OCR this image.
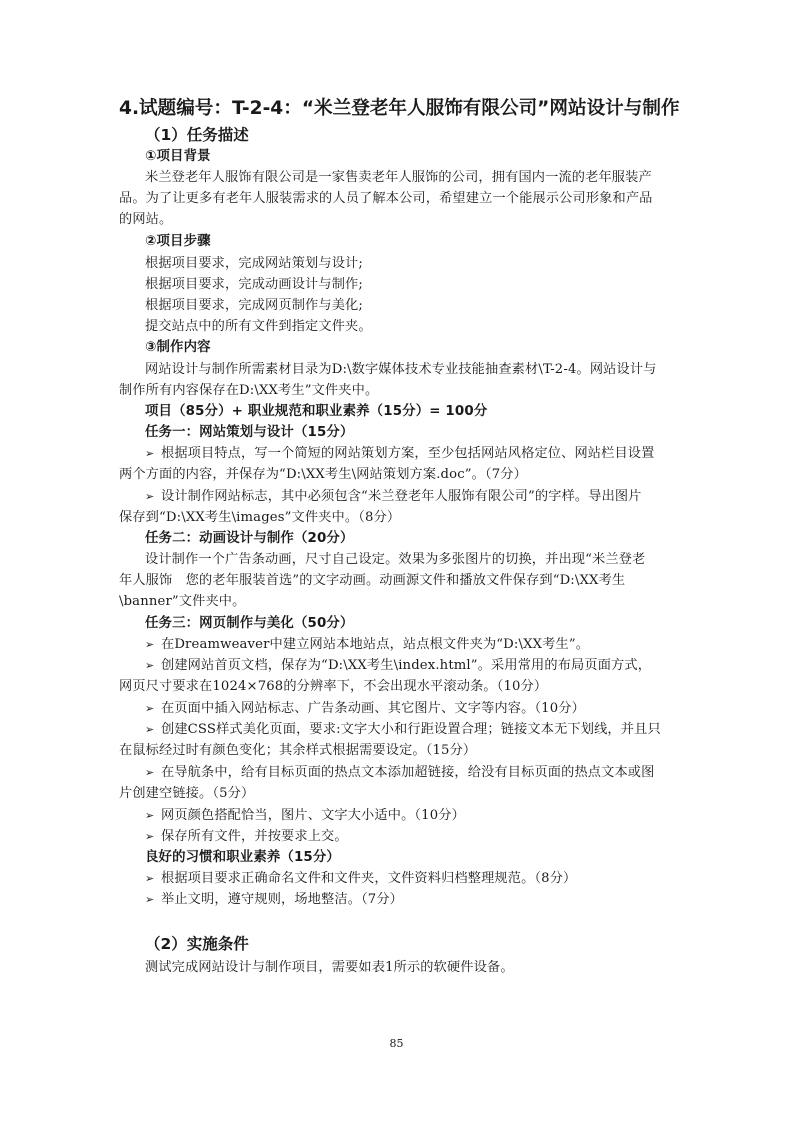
4.试题编号：T-2-4：“米兰登老年人服饰有限公司”网站设计与制作
（1）任务描述
①项目背景
米兰登老年人服饰有限公司是一家售卖老年人服饰的公司，拥有国内一流的老年服装产
品。为了让更多有老年人服装需求的人员了解本公司，希望建立一个能展示公司形象和产品
的网站。
②项目步骤
根据项目要求，完成网站策划与设计;
根据项目要求，完成动画设计与制作;
根据项目要求，完成网页制作与美化;
提交站点中的所有文件到指定文件夹。
③制作内容
网站设计与制作所需素材目录为D:\数字媒体技术专业技能抽查素材\T-2-4。网站设计与
制作所有内容保存在D:\XX考生”文件夹中。
项目（85分）+ 职业规范和职业素养（15分）= 100分
任务一：网站策划与设计（15分）
➢ 根据项目特点，写一个简短的网站策划方案，至少包括网站风格定位、网站栏目设置
两个方面的内容，并保存为“D:\XX考生\网站策划方案.doc”。（7分）
➢ 设计制作网站标志，其中必须包含“米兰登老年人服饰有限公司”的字样。导出图片
保存到“D:\XX考生\images”文件夹中。（8分）
任务二：动画设计与制作（20分）
设计制作一个广告条动画，尺寸自己设定。效果为多张图片的切换，并出现“米兰登老
年人服饰　您的老年服装首选”的文字动画。动画源文件和播放文件保存到“D:\XX考生
\banner”文件夹中。
任务三：网页制作与美化（50分）
➢ 在Dreamweaver中建立网站本地站点，站点根文件夹为“D:\XX考生”。
➢ 创建网站首页文档，保存为“D:\XX考生\index.html”。采用常用的布局页面方式，
网页尺寸要求在1024×768的分辨率下，不会出现水平滚动条。（10分）
➢ 在页面中插入网站标志、广告条动画、其它图片、文字等内容。（10分）
➢ 创建CSS样式美化页面，要求:文字大小和行距设置合理；链接文本无下划线，并且只
在鼠标经过时有颜色变化；其余样式根据需要设定。（15分）
➢ 在导航条中，给有目标页面的热点文本添加超链接，给没有目标页面的热点文本或图
片创建空链接。（5分）
➢ 网页颜色搭配恰当，图片、文字大小适中。（10分）
➢ 保存所有文件，并按要求上交。
良好的习惯和职业素养（15分）
➢ 根据项目要求正确命名文件和文件夹，文件资料归档整理规范。（8分）
➢ 举止文明，遵守规则，场地整洁。（7分）
（2）实施条件
测试完成网站设计与制作项目，需要如表1所示的软硬件设备。
85
